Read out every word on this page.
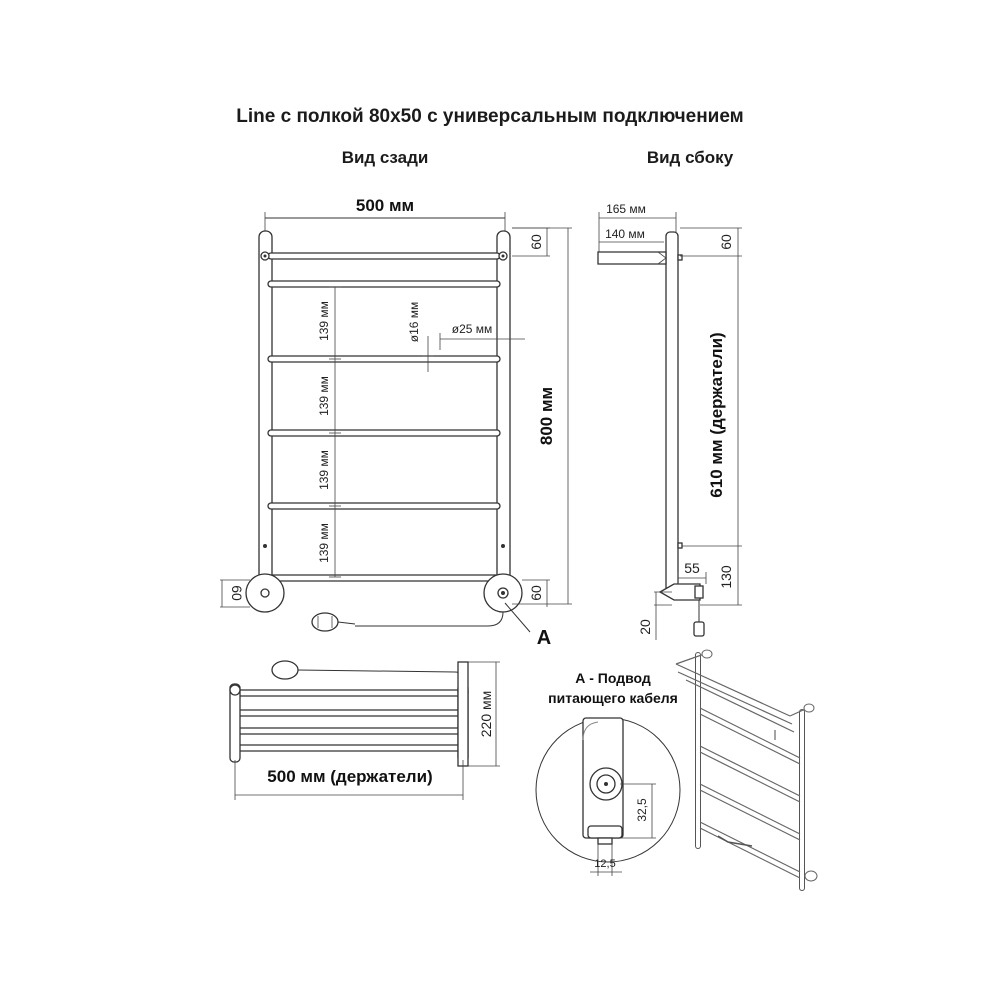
Line с полкой 80х50 с универсальным подключением
Вид сзади	Вид сбоку
500 мм
A
60
800 мм
60
60
139 мм
139 мм
139 мм
139 мм
ø16 мм	ø25 мм
165 мм
140 мм
60
610 мм (держатели)
55 130
20
220 мм
500 мм (держатели)
А - Подвод
питающего кабеля
32,5
12,5
